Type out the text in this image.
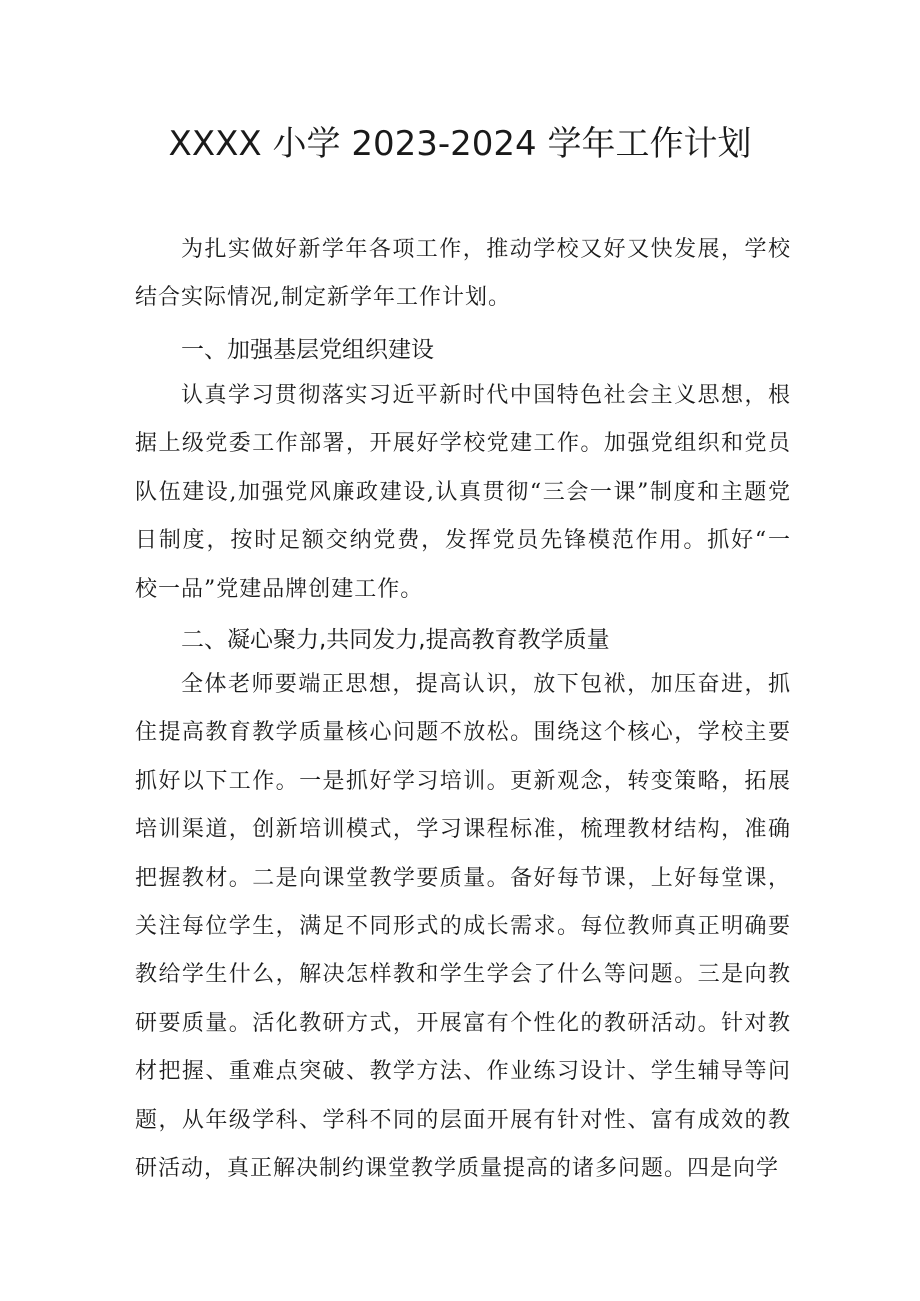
XXXX 小学 2023-2024 学年工作计划

为扎实做好新学年各项工作，推动学校又好又快发展，学校结合实际情况,制定新学年工作计划。

一、加强基层党组织建设

认真学习贯彻落实习近平新时代中国特色社会主义思想，根据上级党委工作部署，开展好学校党建工作。加强党组织和党员队伍建设,加强党风廉政建设,认真贯彻“三会一课”制度和主题党日制度，按时足额交纳党费，发挥党员先锋模范作用。抓好“一校一品”党建品牌创建工作。

二、凝心聚力,共同发力,提高教育教学质量

全体老师要端正思想，提高认识，放下包袱，加压奋进，抓住提高教育教学质量核心问题不放松。围绕这个核心，学校主要抓好以下工作。一是抓好学习培训。更新观念，转变策略，拓展培训渠道，创新培训模式，学习课程标准，梳理教材结构，准确把握教材。二是向课堂教学要质量。备好每节课，上好每堂课，关注每位学生，满足不同形式的成长需求。每位教师真正明确要教给学生什么，解决怎样教和学生学会了什么等问题。三是向教研要质量。活化教研方式，开展富有个性化的教研活动。针对教材把握、重难点突破、教学方法、作业练习设计、学生辅导等问题，从年级学科、学科不同的层面开展有针对性、富有成效的教研活动，真正解决制约课堂教学质量提高的诸多问题。四是向学
